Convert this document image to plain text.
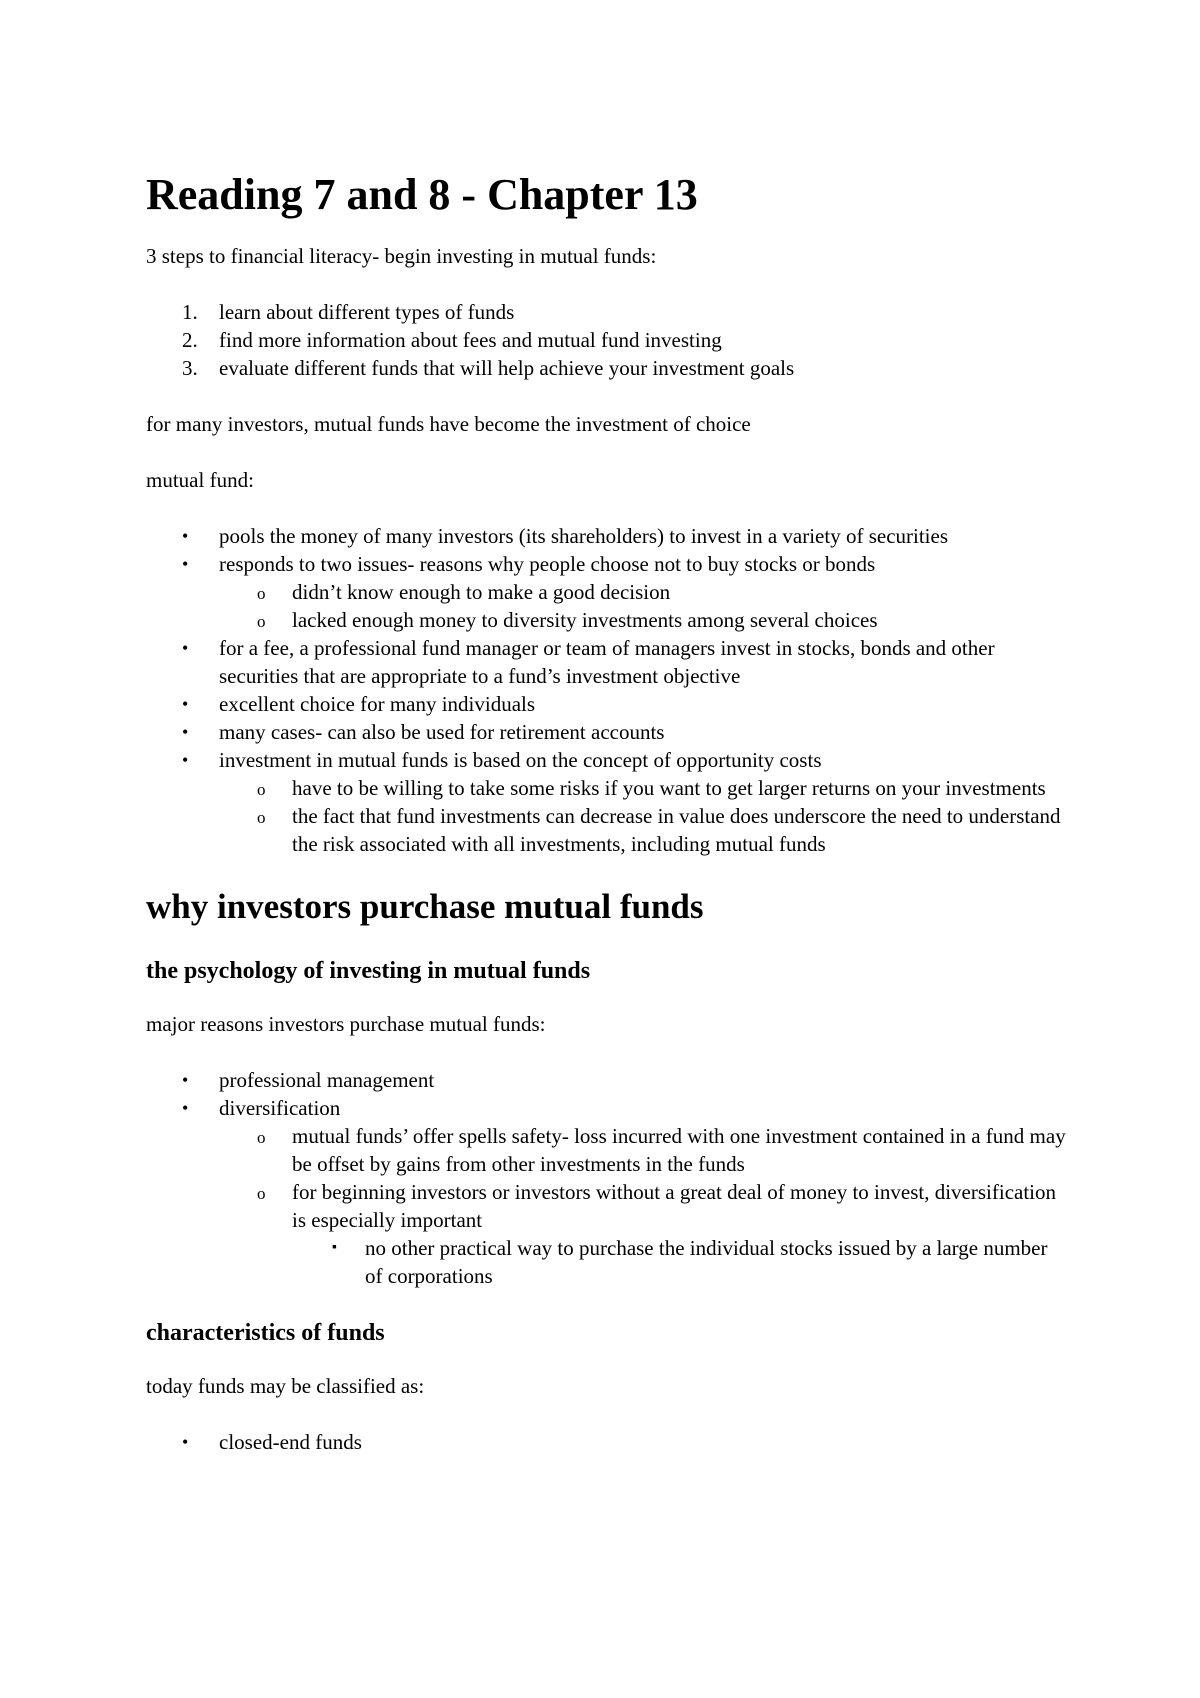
Reading 7 and 8 - Chapter 13

3 steps to financial literacy- begin investing in mutual funds:

1.	learn about different types of funds
2.	find more information about fees and mutual fund investing
3.	evaluate different funds that will help achieve your investment goals

for many investors, mutual funds have become the investment of choice

mutual fund:

• pools the money of many investors (its shareholders) to invest in a variety of securities
• responds to two issues- reasons why people choose not to buy stocks or bonds
o didn’t know enough to make a good decision
o lacked enough money to diversity investments among several choices
• for a fee, a professional fund manager or team of managers invest in stocks, bonds and other securities that are appropriate to a fund’s investment objective
• excellent choice for many individuals
• many cases- can also be used for retirement accounts
• investment in mutual funds is based on the concept of opportunity costs
o have to be willing to take some risks if you want to get larger returns on your investments
o the fact that fund investments can decrease in value does underscore the need to understand the risk associated with all investments, including mutual funds
why investors purchase mutual funds
the psychology of investing in mutual funds

major reasons investors purchase mutual funds:

• professional management
• diversification
o mutual funds’ offer spells safety- loss incurred with one investment contained in a fund may be offset by gains from other investments in the funds
o for beginning investors or investors without a great deal of money to invest, diversification is especially important
▪ no other practical way to purchase the individual stocks issued by a large number of corporations
characteristics of funds

today funds may be classified as:

• closed-end funds
